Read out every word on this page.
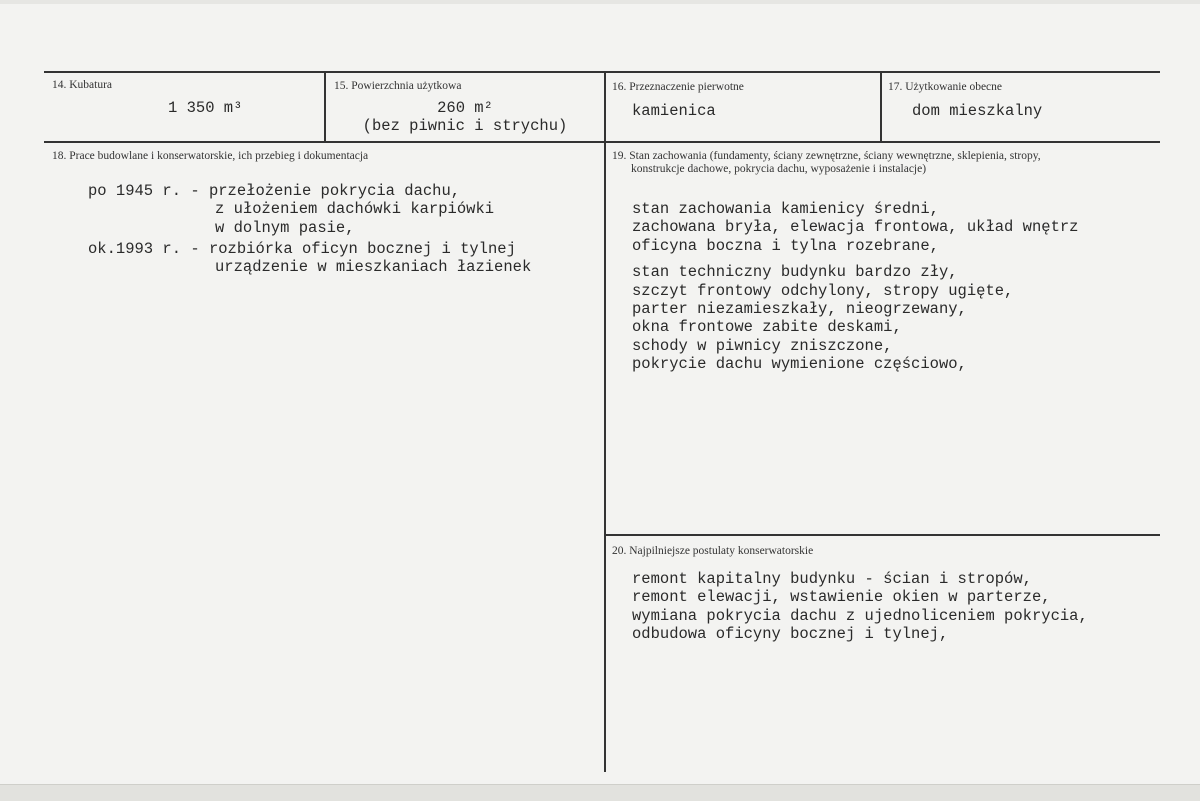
14. Kubatura
1 350 m³
15. Powierzchnia użytkowa
260 m²
(bez piwnic i strychu)
16. Przeznaczenie pierwotne
kamienica
17. Użytkowanie obecne
dom mieszkalny
18. Prace budowlane i konserwatorskie, ich przebieg i dokumentacja
po 1945 r. - przełożenie pokrycia dachu,
z ułożeniem dachówki karpiówki
w dolnym pasie,
ok.1993 r. - rozbiórka oficyn bocznej i tylnej
urządzenie w mieszkaniach łazienek
19. Stan zachowania (fundamenty, ściany zewnętrzne, ściany wewnętrzne, sklepienia, stropy,
konstrukcje dachowe, pokrycia dachu, wyposażenie i instalacje)
stan zachowania kamienicy średni,
zachowana bryła, elewacja frontowa, układ wnętrz
oficyna boczna i tylna rozebrane,
stan techniczny budynku bardzo zły,
szczyt frontowy odchylony, stropy ugięte,
parter niezamieszkały, nieogrzewany,
okna frontowe zabite deskami,
schody w piwnicy zniszczone,
pokrycie dachu wymienione częściowo,
20. Najpilniejsze postulaty konserwatorskie
remont kapitalny budynku - ścian i stropów,
remont elewacji, wstawienie okien w parterze,
wymiana pokrycia dachu z ujednoliceniem pokrycia,
odbudowa oficyny bocznej i tylnej,
